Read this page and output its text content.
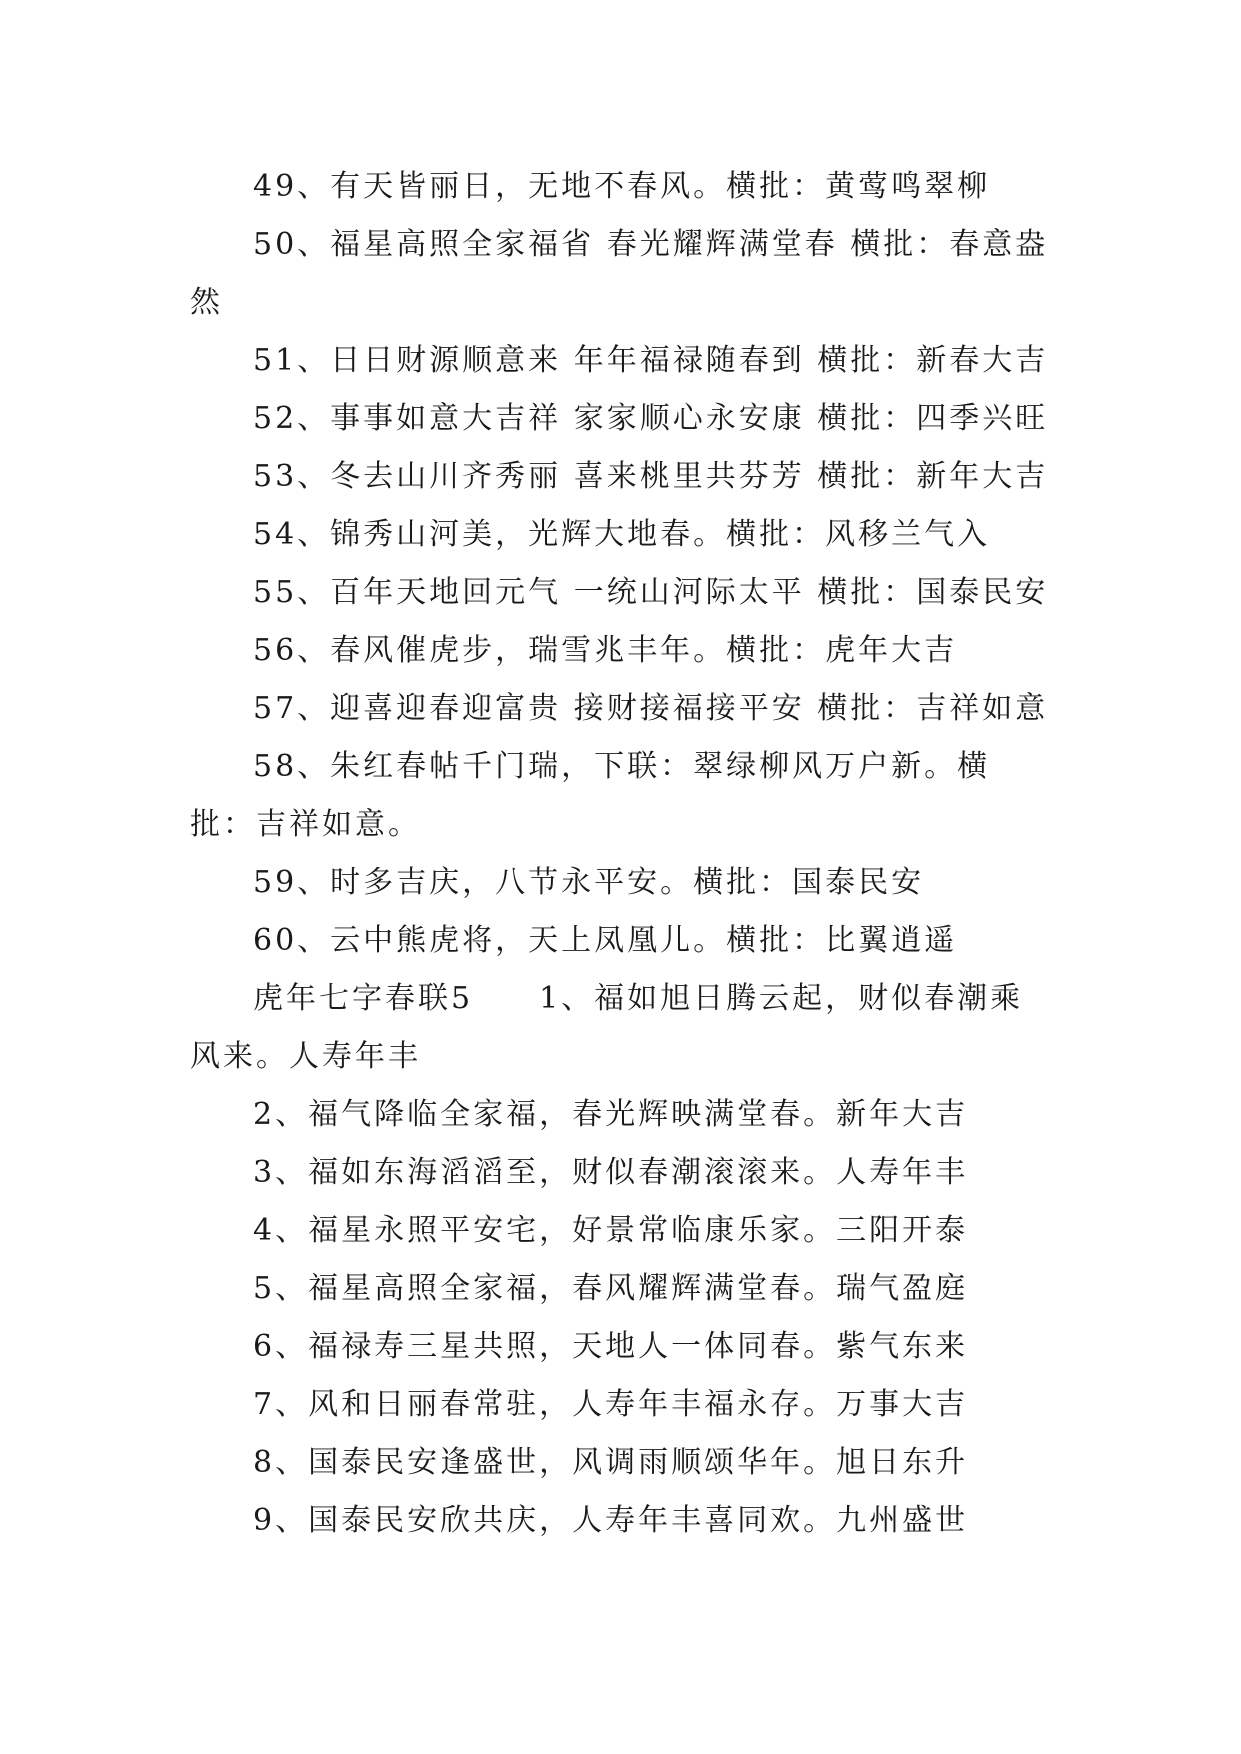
49、有天皆丽日，无地不春风。横批：黄莺鸣翠柳

50、福星高照全家福省 春光耀辉满堂春 横批：春意盎然

51、日日财源顺意来 年年福禄随春到 横批：新春大吉

52、事事如意大吉祥 家家顺心永安康 横批：四季兴旺

53、冬去山川齐秀丽 喜来桃里共芬芳 横批：新年大吉

54、锦秀山河美，光辉大地春。横批：风移兰气入

55、百年天地回元气 一统山河际太平 横批：国泰民安

56、春风催虎步，瑞雪兆丰年。横批：虎年大吉

57、迎喜迎春迎富贵 接财接福接平安 横批：吉祥如意

58、朱红春帖千门瑞，下联：翠绿柳风万户新。横批：吉祥如意。

59、时多吉庆，八节永平安。横批：国泰民安

60、云中熊虎将，天上凤凰儿。横批：比翼逍遥

虎年七字春联5　　1、福如旭日腾云起，财似春潮乘风来。人寿年丰

2、福气降临全家福，春光辉映满堂春。新年大吉

3、福如东海滔滔至，财似春潮滚滚来。人寿年丰

4、福星永照平安宅，好景常临康乐家。三阳开泰

5、福星高照全家福，春风耀辉满堂春。瑞气盈庭

6、福禄寿三星共照，天地人一体同春。紫气东来

7、风和日丽春常驻，人寿年丰福永存。万事大吉

8、国泰民安逢盛世，风调雨顺颂华年。旭日东升

9、国泰民安欣共庆，人寿年丰喜同欢。九州盛世
